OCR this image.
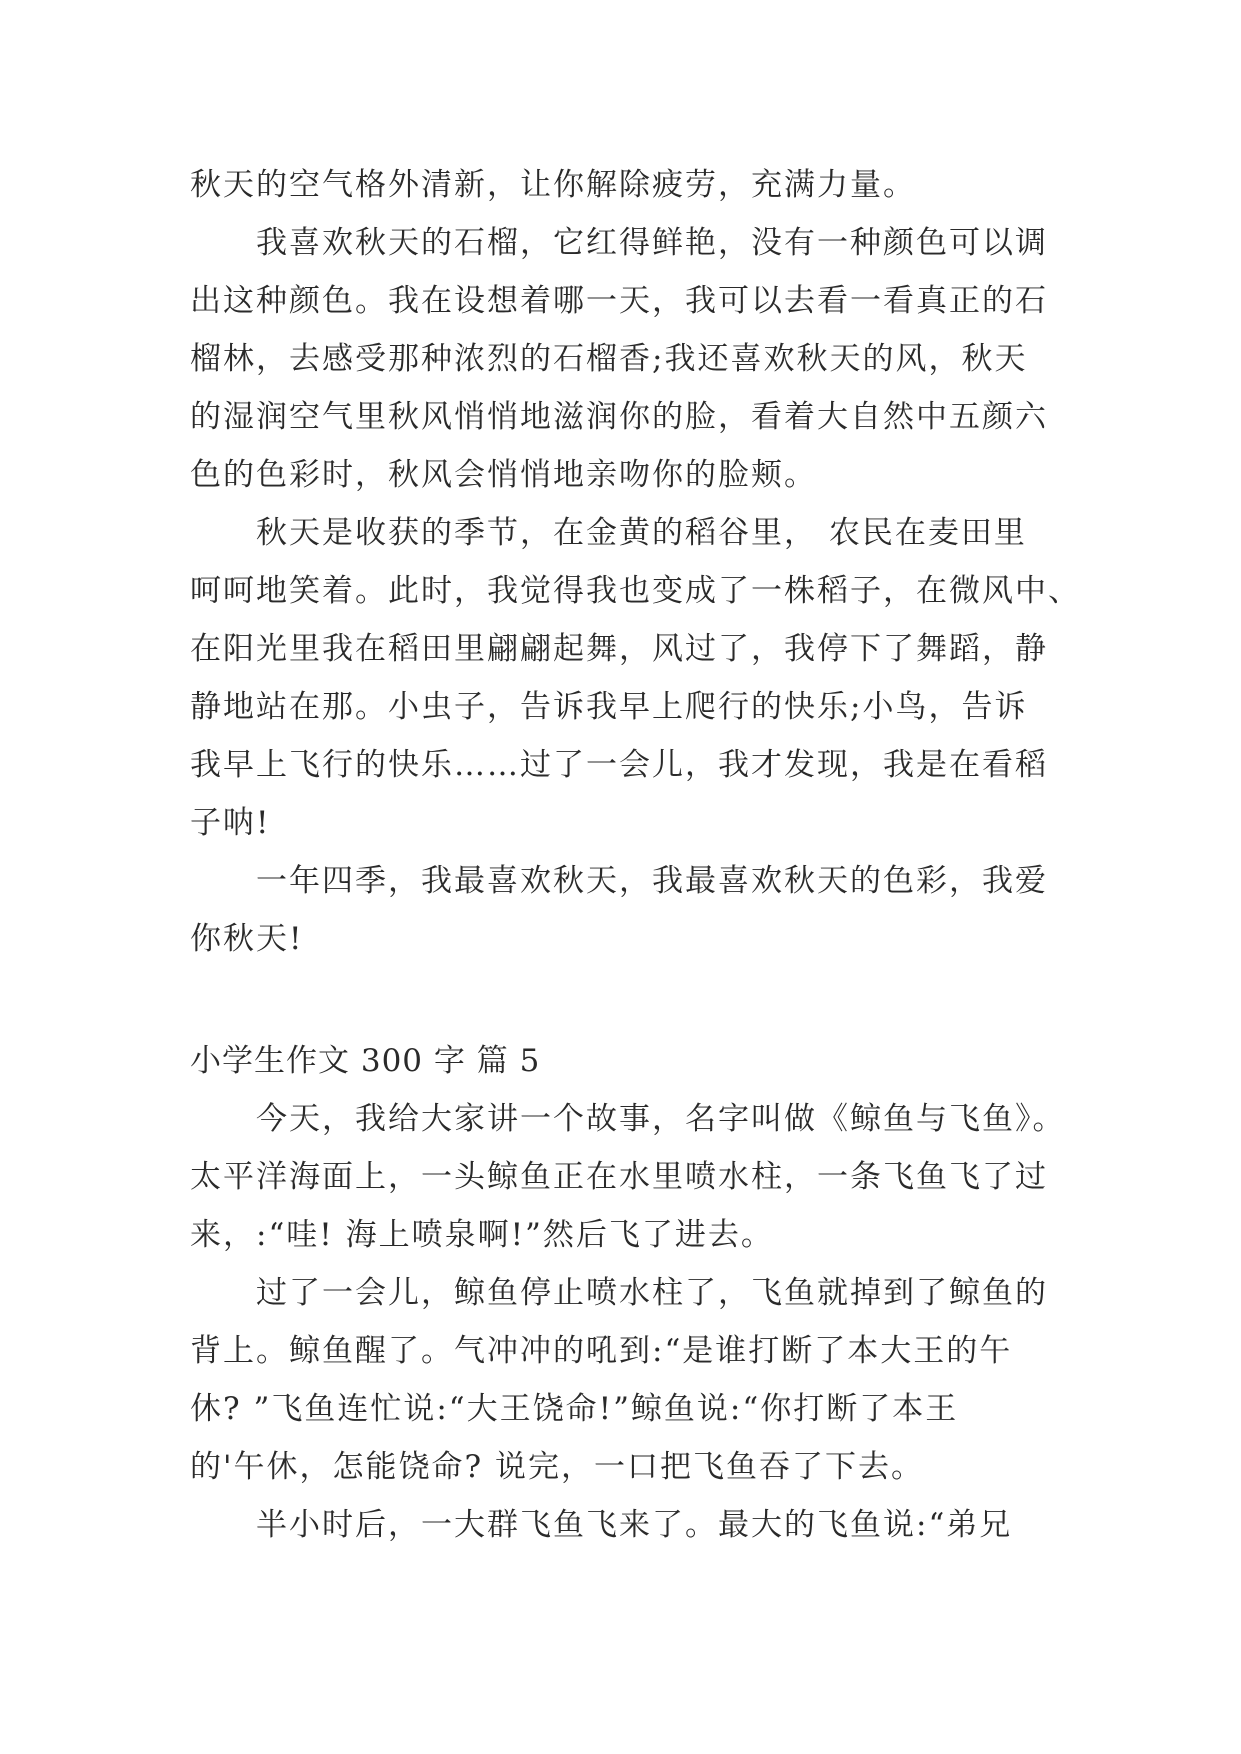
秋天的空气格外清新，让你解除疲劳，充满力量。
我喜欢秋天的石榴，它红得鲜艳，没有一种颜色可以调
出这种颜色。我在设想着哪一天，我可以去看一看真正的石
榴林，去感受那种浓烈的石榴香;我还喜欢秋天的风，秋天
的湿润空气里秋风悄悄地滋润你的脸，看着大自然中五颜六
色的色彩时，秋风会悄悄地亲吻你的脸颊。
秋天是收获的季节，在金黄的稻谷里， 农民在麦田里
呵呵地笑着。此时，我觉得我也变成了一株稻子，在微风中、
在阳光里我在稻田里翩翩起舞，风过了，我停下了舞蹈，静
静地站在那。小虫子，告诉我早上爬行的快乐;小鸟，告诉
我早上飞行的快乐……过了一会儿，我才发现，我是在看稻
子呐!
一年四季，我最喜欢秋天，我最喜欢秋天的色彩，我爱
你秋天!
小学生作文 300 字 篇 5
今天，我给大家讲一个故事，名字叫做《鲸鱼与飞鱼》。
太平洋海面上，一头鲸鱼正在水里喷水柱，一条飞鱼飞了过
来，:“哇! 海上喷泉啊!”然后飞了进去。
过了一会儿，鲸鱼停止喷水柱了，飞鱼就掉到了鲸鱼的
背上。鲸鱼醒了。气冲冲的吼到:“是谁打断了本大王的午
休? ”飞鱼连忙说:“大王饶命!”鲸鱼说:“你打断了本王
的'午休，怎能饶命? 说完，一口把飞鱼吞了下去。
半小时后，一大群飞鱼飞来了。最大的飞鱼说:“弟兄
